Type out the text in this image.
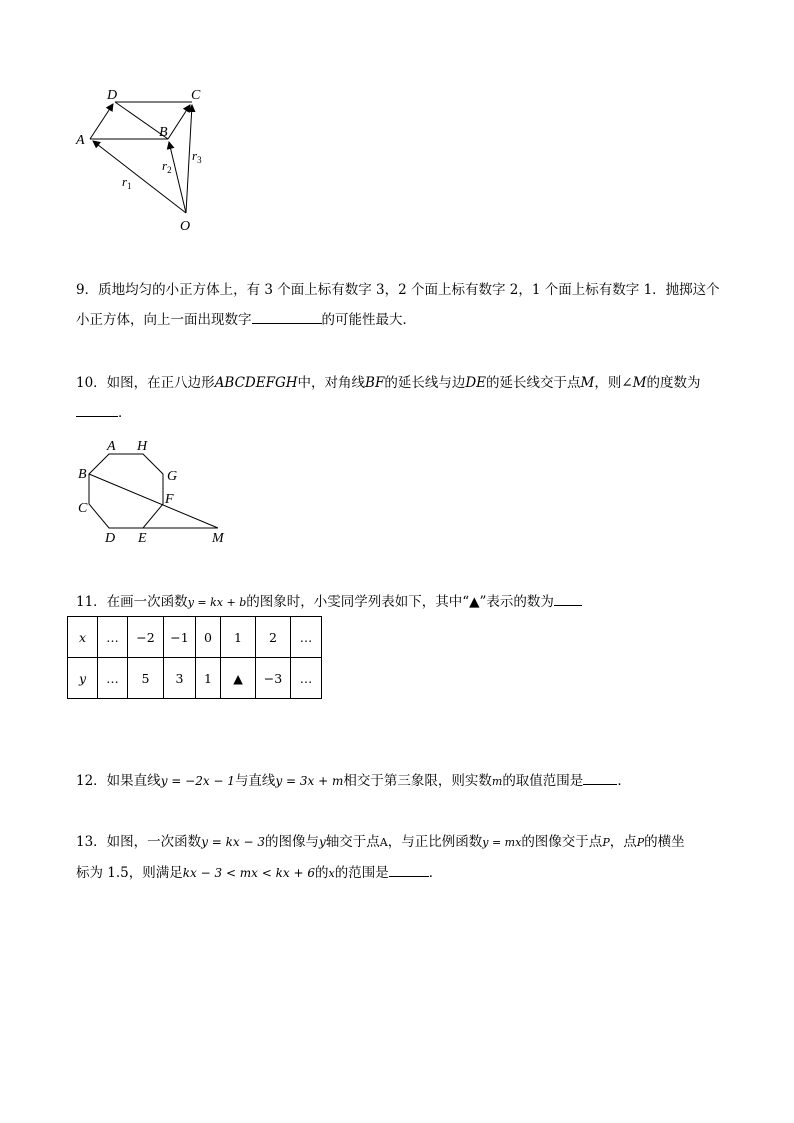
D	C
A
B
O
$r_1$
$r_2$
$r_3$
9．质地均匀的小正方体上，有 3 个面上标有数字 3，2 个面上标有数字 2，1 个面上标有数字 1．抛掷这个
小正方体，向上一面出现数字	的可能性最大．
10．如图，在正八边形ABCDEFGH中，对角线BF的延长线与边DE的延长线交于点M，则∠M的度数为
．
A H
G
B
F
C
D E	M
11．在画一次函数y = kx + b的图象时，小雯同学列表如下，其中“▲”表示的数为
x	…	−2	−1	0	1	2	…
y	…	5	3	1	▲	−3	…
12．如果直线y = −2x − 1与直线y = 3x + m相交于第三象限，则实数m的取值范围是	．
13．如图，一次函数y = kx − 3的图像与y轴交于点A，与正比例函数y = mx的图像交于点P，点P的横坐
标为 1.5，则满足kx − 3 < mx < kx + 6的x的范围是	．
